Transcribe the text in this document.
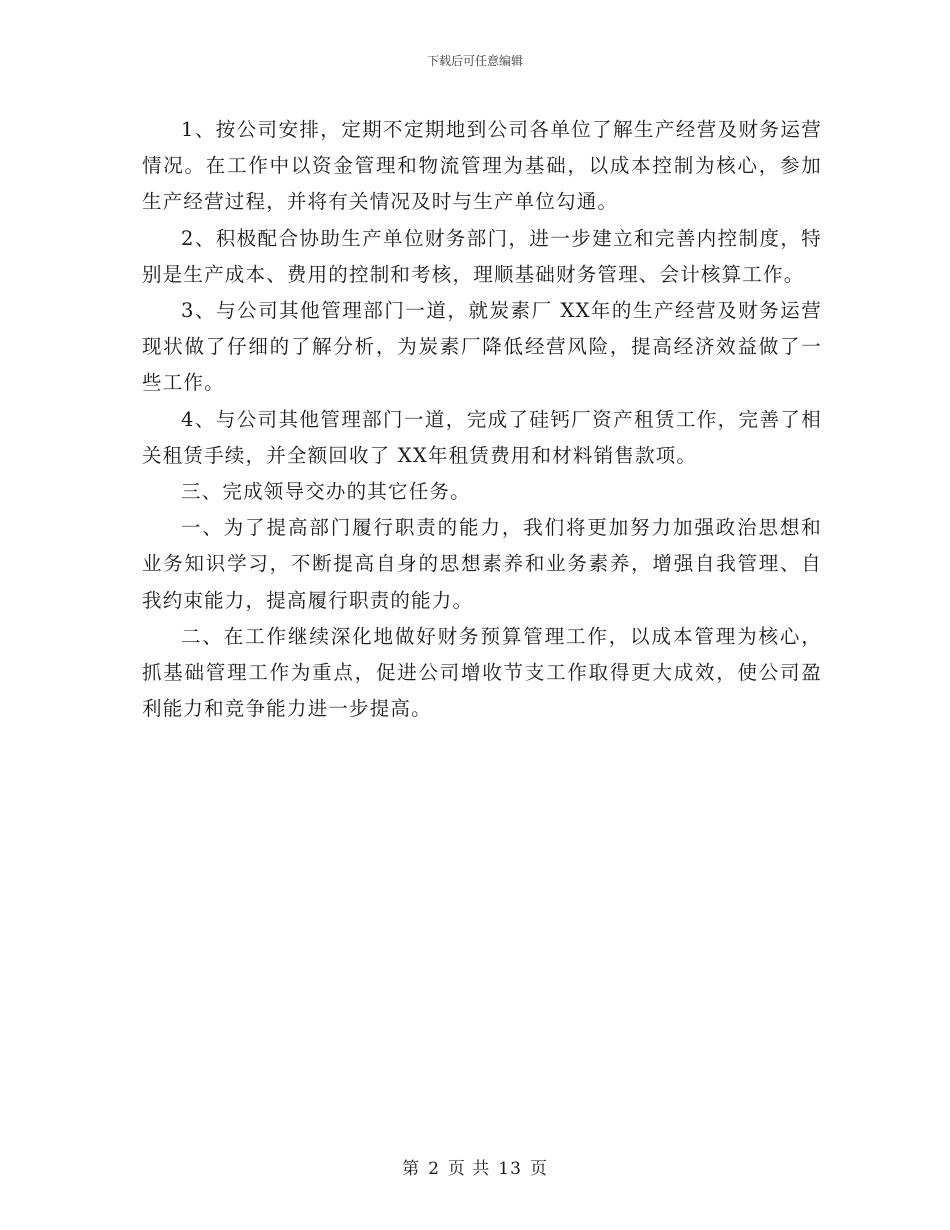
下载后可任意编辑

1、按公司安排，定期不定期地到公司各单位了解生产经营及财务运营情况。在工作中以资金管理和物流管理为基础，以成本控制为核心，参加生产经营过程，并将有关情况及时与生产单位勾通。

2、积极配合协助生产单位财务部门，进一步建立和完善内控制度，特别是生产成本、费用的控制和考核，理顺基础财务管理、会计核算工作。

3、与公司其他管理部门一道，就炭素厂 XX年的生产经营及财务运营现状做了仔细的了解分析，为炭素厂降低经营风险，提高经济效益做了一些工作。

4、与公司其他管理部门一道，完成了硅钙厂资产租赁工作，完善了相关租赁手续，并全额回收了 XX年租赁费用和材料销售款项。

三、完成领导交办的其它任务。

一、为了提高部门履行职责的能力，我们将更加努力加强政治思想和业务知识学习，不断提高自身的思想素养和业务素养，增强自我管理、自我约束能力，提高履行职责的能力。

二、在工作继续深化地做好财务预算管理工作，以成本管理为核心，抓基础管理工作为重点，促进公司增收节支工作取得更大成效，使公司盈利能力和竞争能力进一步提高。

第 2 页 共 13 页
